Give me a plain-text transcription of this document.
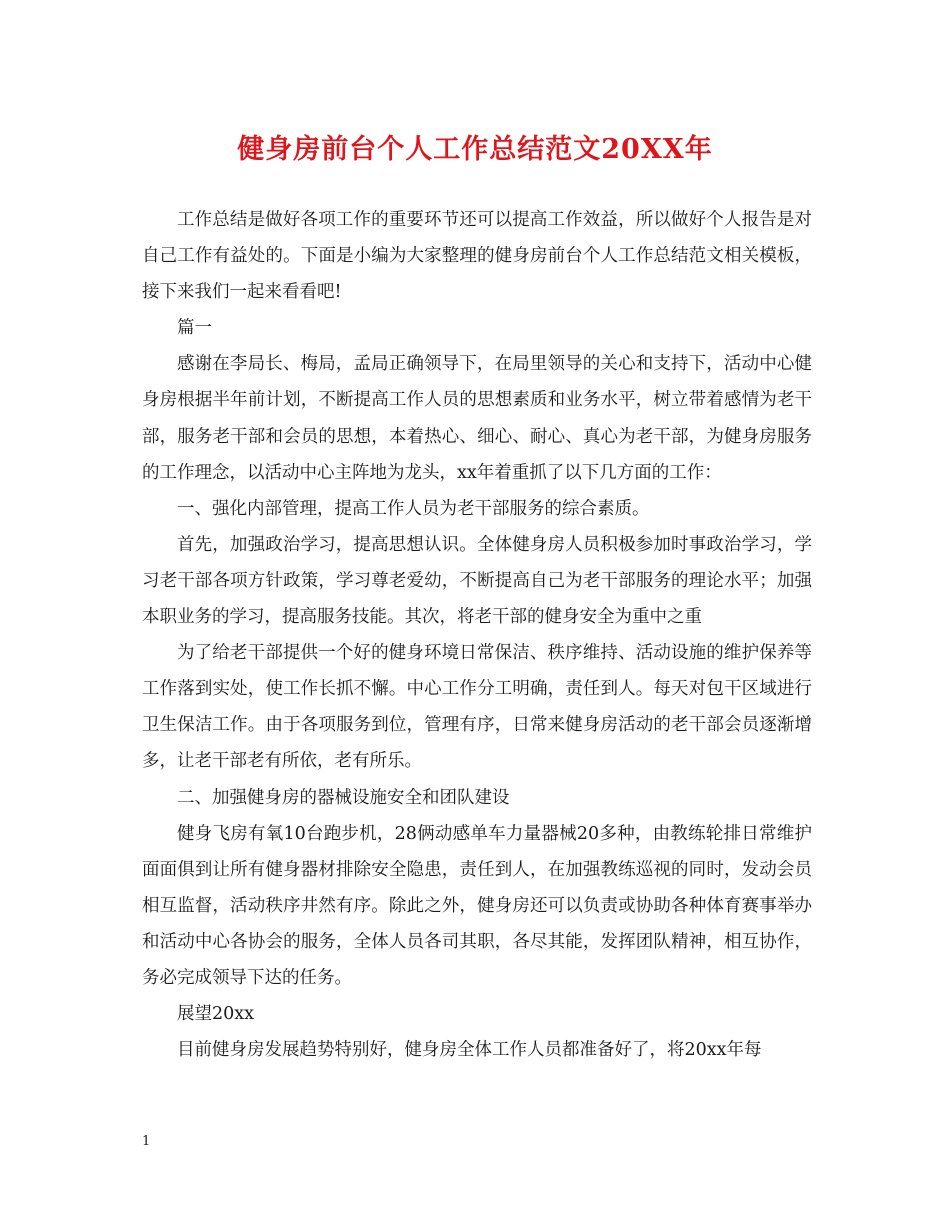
健身房前台个人工作总结范文20XX年

工作总结是做好各项工作的重要环节还可以提高工作效益，所以做好个人报告是对自己工作有益处的。下面是小编为大家整理的健身房前台个人工作总结范文相关模板，接下来我们一起来看看吧!

篇一

感谢在李局长、梅局，孟局正确领导下，在局里领导的关心和支持下，活动中心健身房根据半年前计划，不断提高工作人员的思想素质和业务水平，树立带着感情为老干部，服务老干部和会员的思想，本着热心、细心、耐心、真心为老干部，为健身房服务的工作理念，以活动中心主阵地为龙头，xx年着重抓了以下几方面的工作：

一、强化内部管理，提高工作人员为老干部服务的综合素质。

首先，加强政治学习，提高思想认识。全体健身房人员积极参加时事政治学习，学习老干部各项方针政策，学习尊老爱幼，不断提高自己为老干部服务的理论水平；加强本职业务的学习，提高服务技能。其次，将老干部的健身安全为重中之重

为了给老干部提供一个好的健身环境日常保洁、秩序维持、活动设施的维护保养等工作落到实处，使工作长抓不懈。中心工作分工明确，责任到人。每天对包干区域进行卫生保洁工作。由于各项服务到位，管理有序，日常来健身房活动的老干部会员逐渐增多，让老干部老有所依，老有所乐。

二、加强健身房的器械设施安全和团队建设

健身飞房有氧10台跑步机，28俩动感单车力量器械20多种，由教练轮排日常维护面面俱到让所有健身器材排除安全隐患，责任到人，在加强教练巡视的同时，发动会员相互监督，活动秩序井然有序。除此之外，健身房还可以负责或协助各种体育赛事举办和活动中心各协会的服务，全体人员各司其职，各尽其能，发挥团队精神，相互协作，务必完成领导下达的任务。

展望20xx

目前健身房发展趋势特别好，健身房全体工作人员都准备好了，将20xx年每

1
